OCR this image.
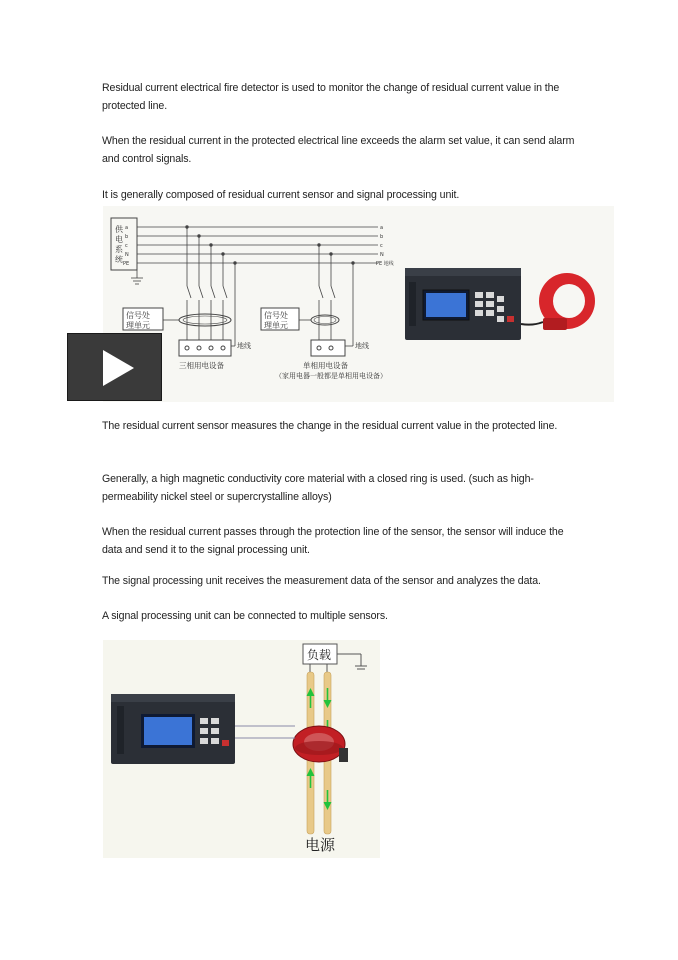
Residual current electrical fire detector is used to monitor the change of residual current value in the protected line.

When the residual current in the protected electrical line exceeds the alarm set value, it can send alarm and control signals.

It is generally composed of residual current sensor and signal processing unit.

供
电
系
统
a
b
c
N
PE
a
b
c
N
PE 地线
信号处
理单元
地线
三相用电设备
信号处
理单元
地线
单相用电设备
（家用电器一般都是单相用电设备）

The residual current sensor measures the change in the residual current value in the protected line.

Generally, a high magnetic conductivity core material with a closed ring is used. (such as high-permeability nickel steel or supercrystalline alloys)

When the residual current passes through the protection line of the sensor, the sensor will induce the data and send it to the signal processing unit.

The signal processing unit receives the measurement data of the sensor and analyzes the data.

A signal processing unit can be connected to multiple sensors.

负载
电源
